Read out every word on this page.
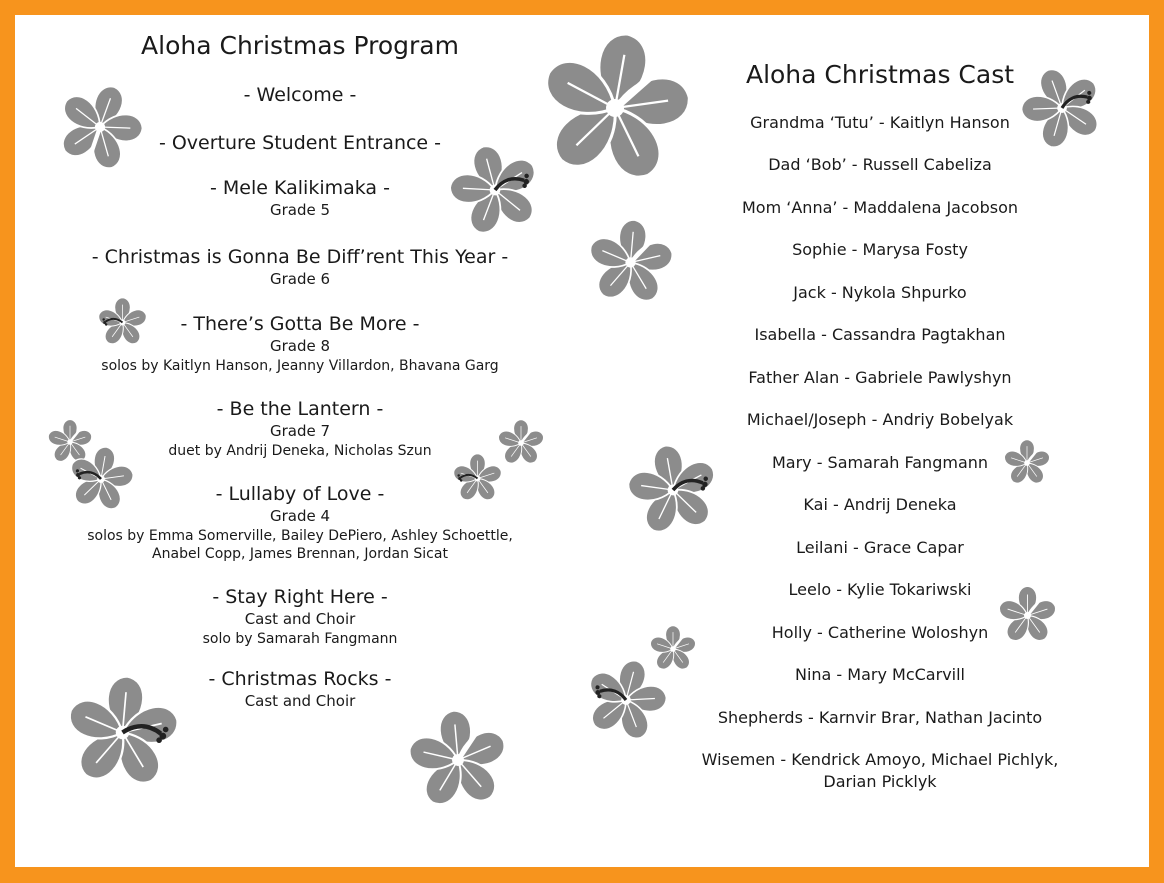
Aloha Christmas Program
- Welcome -
- Overture Student Entrance -
- Mele Kalikimaka -
Grade 5
- Christmas is Gonna Be Diff’rent This Year -
Grade 6
- There’s Gotta Be More -
Grade 8
solos by Kaitlyn Hanson, Jeanny Villardon, Bhavana Garg
- Be the Lantern -
Grade 7
duet by Andrij Deneka, Nicholas Szun
- Lullaby of Love -
Grade 4
solos by Emma Somerville, Bailey DePiero, Ashley Schoettle,
Anabel Copp, James Brennan, Jordan Sicat
- Stay Right Here -
Cast and Choir
solo by Samarah Fangmann
- Christmas Rocks -
Cast and Choir
Aloha Christmas Cast
Grandma ‘Tutu’ - Kaitlyn Hanson
Dad ‘Bob’ - Russell Cabeliza
Mom ‘Anna’ - Maddalena Jacobson
Sophie - Marysa Fosty
Jack - Nykola Shpurko
Isabella - Cassandra Pagtakhan
Father Alan - Gabriele Pawlyshyn
Michael/Joseph - Andriy Bobelyak
Mary - Samarah Fangmann
Kai - Andrij Deneka
Leilani - Grace Capar
Leelo - Kylie Tokariwski
Holly - Catherine Woloshyn
Nina - Mary McCarvill
Shepherds - Karnvir Brar, Nathan Jacinto
Wisemen - Kendrick Amoyo, Michael Pichlyk,
Darian Picklyk
